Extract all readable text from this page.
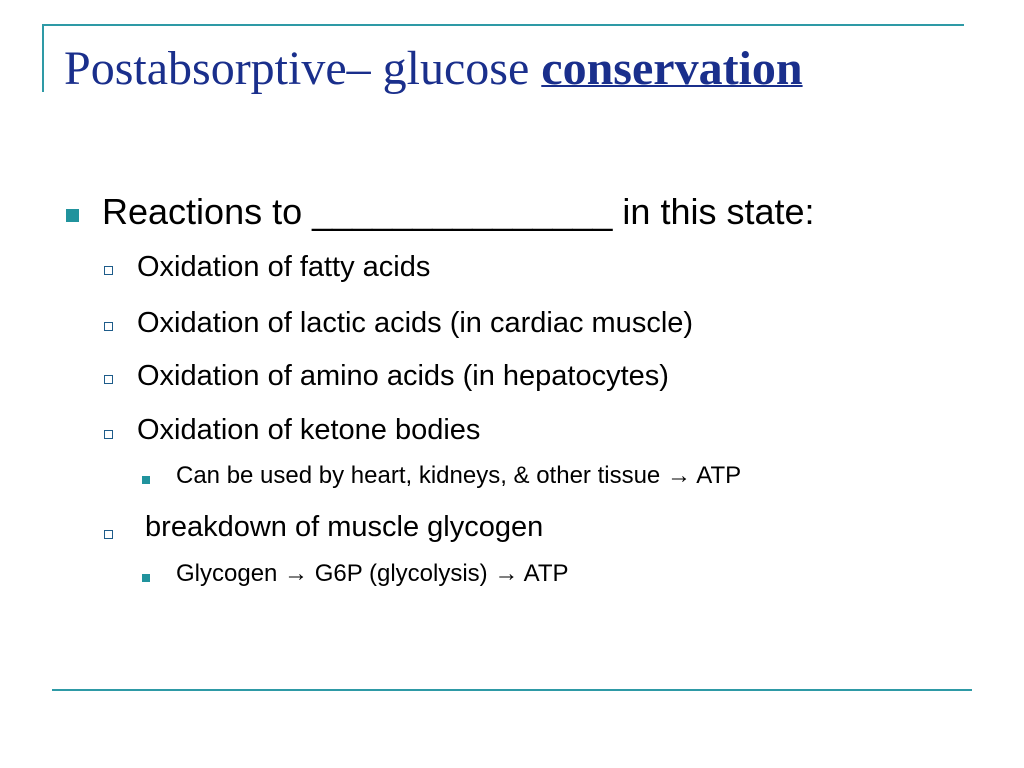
Postabsorptive– glucose conservation
Reactions to _______________ in this state:
Oxidation of fatty acids
Oxidation of lactic acids (in cardiac muscle)
Oxidation of amino acids (in hepatocytes)
Oxidation of ketone bodies
Can be used by heart, kidneys, & other tissue → ATP
breakdown of muscle glycogen
Glycogen → G6P (glycolysis) → ATP
